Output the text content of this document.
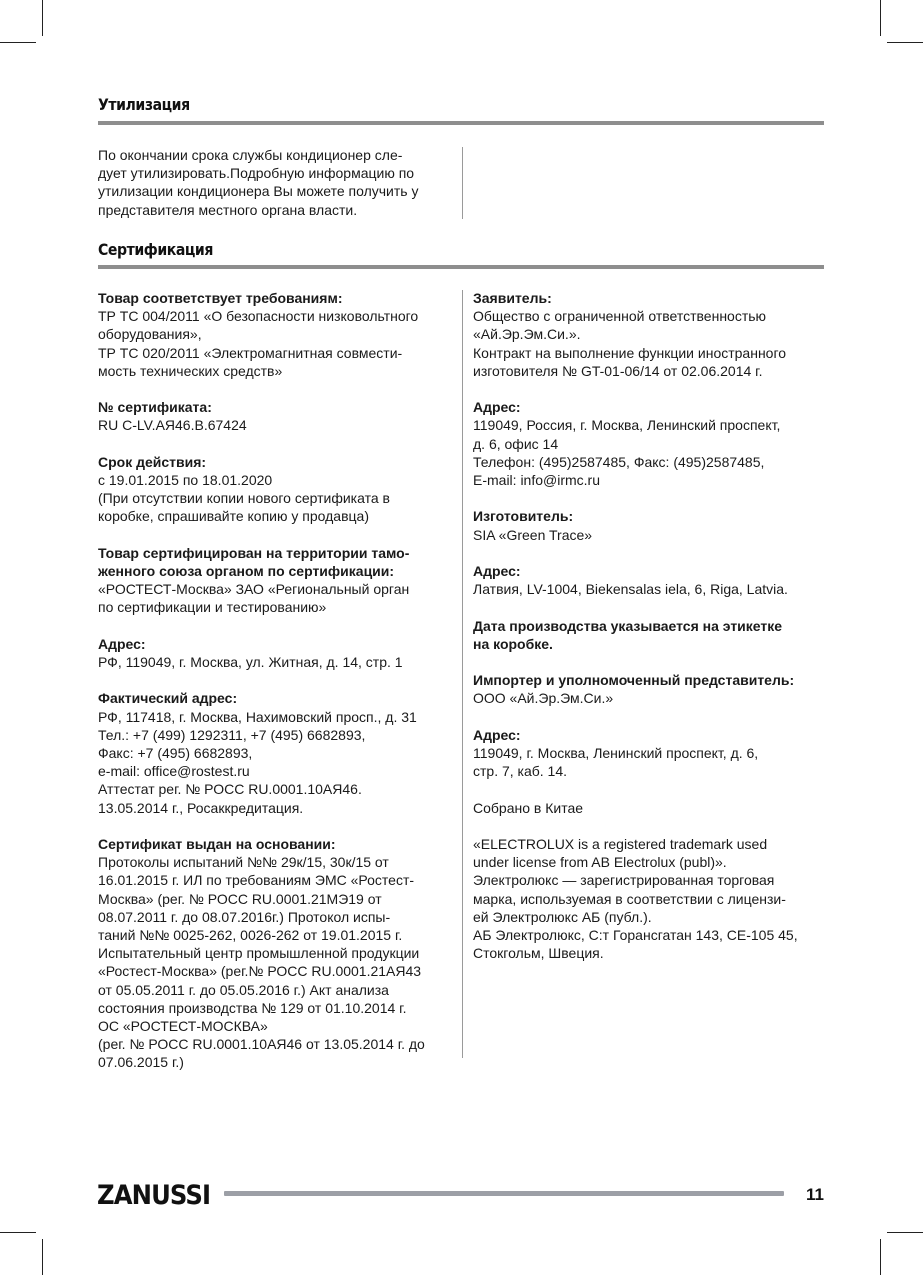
Утилизация

По окончании срока службы кондиционер сле-

дует утилизировать.Подробную информацию по

утилизации кондиционера Вы можете получить у

представителя местного органа власти.

Сертификация

Товар соответствует требованиям:

ТР ТС 004/2011 «О безопасности низковольтного

оборудования»,

ТР ТС 020/2011 «Электромагнитная совмести-

мость технических средств»

№ сертификата:

RU C-LV.АЯ46.B.67424

Срок действия:

с 19.01.2015 по 18.01.2020

(При отсутствии копии нового сертификата в

коробке, спрашивайте копию у продавца)

Товар сертифицирован на территории тамо-

женного союза органом по сертификации:

«РОСТЕСТ-Москва» ЗАО «Региональный орган

по сертификации и тестированию»

Адрес:

РФ, 119049, г. Москва, ул. Житная, д. 14, стр. 1

Фактический адрес:

РФ, 117418, г. Москва, Нахимовский просп., д. 31

Тел.: +7 (499) 1292311, +7 (495) 6682893,

Факс: +7 (495) 6682893,

e-mail: office@rostest.ru

Аттестат рег. № РОСС RU.0001.10АЯ46.

13.05.2014 г., Росаккредитация.

Сертификат выдан на основании:

Протоколы испытаний №№ 29к/15, 30к/15 от

16.01.2015 г. ИЛ по требованиям ЭМС «Ростест-

Москва» (рег. № РОСС RU.0001.21МЭ19 от

08.07.2011 г. до 08.07.2016г.) Протокол испы-

таний №№ 0025-262, 0026-262 от 19.01.2015 г.

Испытательный центр промышленной продукции

«Ростест-Москва» (рег.№ РОСС RU.0001.21АЯ43

от 05.05.2011 г. до 05.05.2016 г.) Акт анализа

состояния производства № 129 от 01.10.2014 г.

ОС «РОСТЕСТ-МОСКВА»

(рег. № РОСС RU.0001.10АЯ46 от 13.05.2014 г. до

07.06.2015 г.)

Заявитель:

Общество с ограниченной ответственностью

«Ай.Эр.Эм.Си.».

Контракт на выполнение функции иностранного

изготовителя № GT-01-06/14 от 02.06.2014 г.

Адрес:

119049, Россия, г. Москва, Ленинский проспект,

д. 6, офис 14

Телефон: (495)2587485, Факс: (495)2587485,

E-mail: info@irmc.ru

Изготовитель:

SIA «Green Trace»

Адрес:

Латвия, LV-1004, Biekensalas iela, 6, Riga, Latvia.

Дата производства указывается на этикетке

на коробке.

Импортер и уполномоченный представитель:

ООО «Ай.Эр.Эм.Си.»

Адрес:

119049, г. Москва, Ленинский проспект, д. 6,

стр. 7, каб. 14.

Собрано в Китае

«ELECTROLUX is a registered trademark used

under license from AB Electrolux (publ)».

Электролюкс — зарегистрированная торговая

марка, используемая в соответствии с лицензи-

ей Электролюкс АБ (публ.).

АБ Электролюкс, С:т Горансгатан 143, СЕ-105 45,

Стокгольм, Швеция.

ZANUSSI	11
